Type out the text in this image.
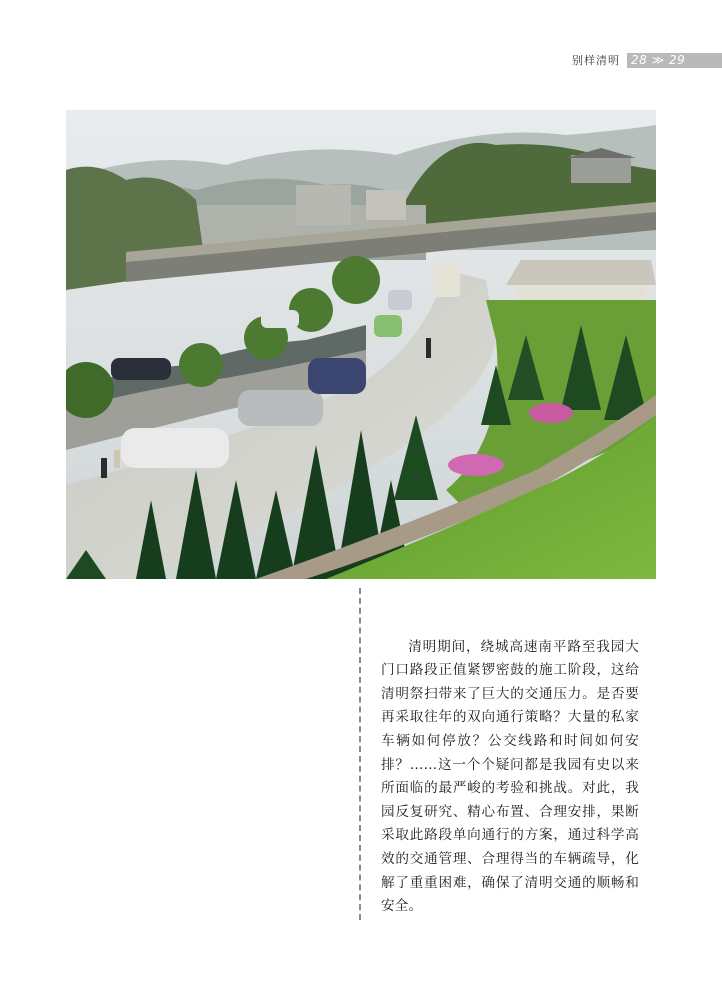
别样清明 28 ≫ 29

清明期间，绕城高速南平路至我园大门口路段正值紧锣密鼓的施工阶段，这给清明祭扫带来了巨大的交通压力。是否要再采取往年的双向通行策略？大量的私家车辆如何停放？公交线路和时间如何安排？……这一个个疑问都是我园有史以来所面临的最严峻的考验和挑战。对此，我园反复研究、精心布置、合理安排，果断采取此路段单向通行的方案，通过科学高效的交通管理、合理得当的车辆疏导，化解了重重困难，确保了清明交通的顺畅和安全。
